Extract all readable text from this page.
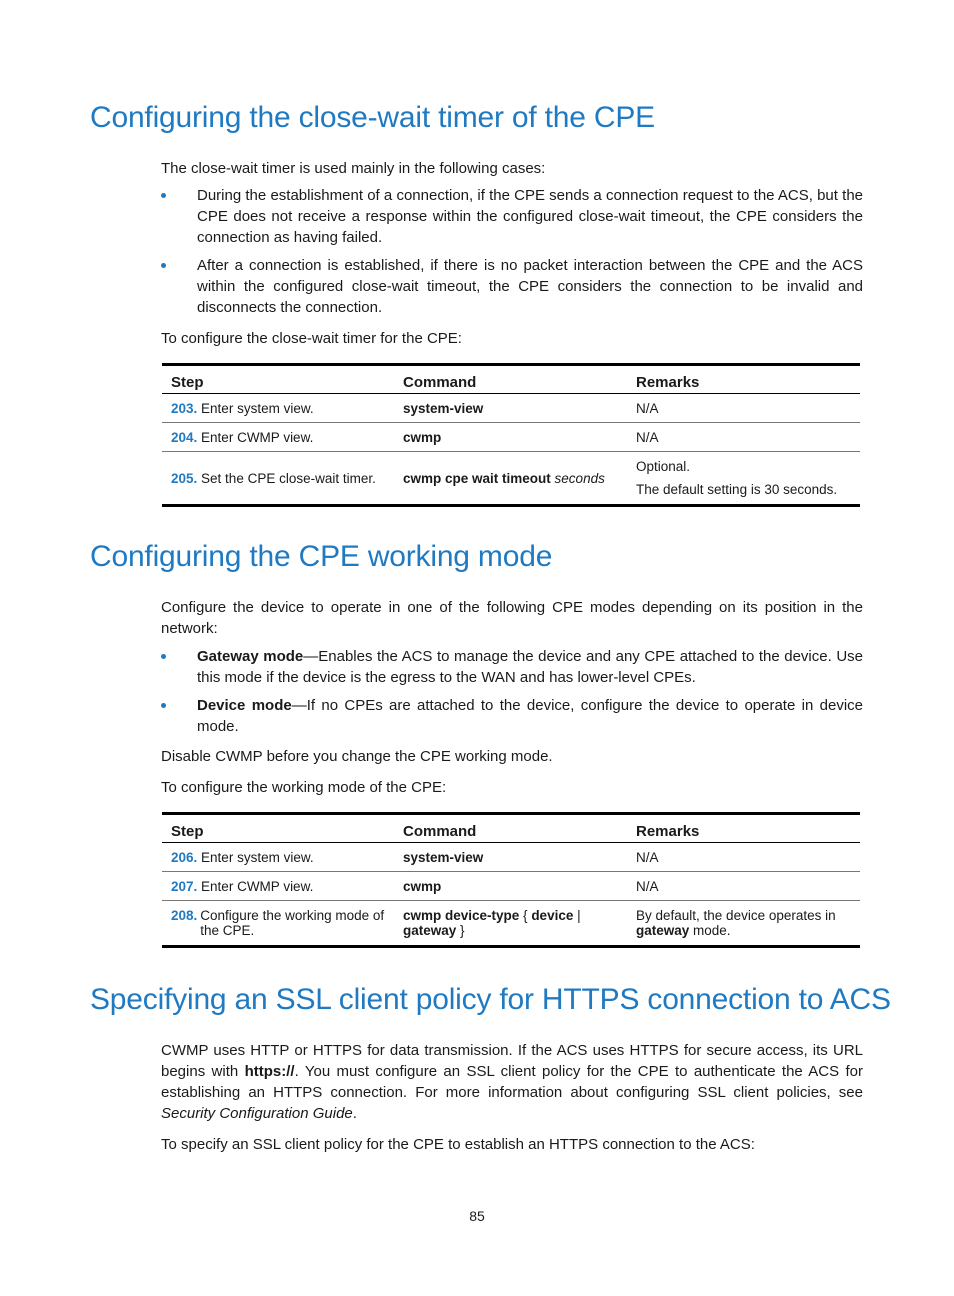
Configuring the close-wait timer of the CPE

The close-wait timer is used mainly in the following cases:

During the establishment of a connection, if the CPE sends a connection request to the ACS, but the CPE does not receive a response within the configured close-wait timeout, the CPE considers the connection as having failed.
After a connection is established, if there is no packet interaction between the CPE and the ACS within the configured close-wait timeout, the CPE considers the connection to be invalid and disconnects the connection.

To configure the close-wait timer for the CPE:

Step	Command	Remarks
203. Enter system view.	system-view	N/A
204. Enter CWMP view.	cwmp	N/A
205. Set the CPE close-wait timer.	cwmp cpe wait timeout seconds	Optional.
The default setting is 30 seconds.
Configuring the CPE working mode

Configure the device to operate in one of the following CPE modes depending on its position in the network:

Gateway mode—Enables the ACS to manage the device and any CPE attached to the device. Use this mode if the device is the egress to the WAN and has lower-level CPEs.
Device mode—If no CPEs are attached to the device, configure the device to operate in device mode.

Disable CWMP before you change the CPE working mode.

To configure the working mode of the CPE:

Step	Command	Remarks
206. Enter system view.	system-view	N/A
207. Enter CWMP view.	cwmp	N/A

208. Configure the working mode of the CPE.	cwmp device-type { device | gateway }	By default, the device operates in gateway mode.
Specifying an SSL client policy for HTTPS connection to ACS

CWMP uses HTTP or HTTPS for data transmission. If the ACS uses HTTPS for secure access, its URL begins with https://. You must configure an SSL client policy for the CPE to authenticate the ACS for establishing an HTTPS connection. For more information about configuring SSL client policies, see Security Configuration Guide.

To specify an SSL client policy for the CPE to establish an HTTPS connection to the ACS:

85
